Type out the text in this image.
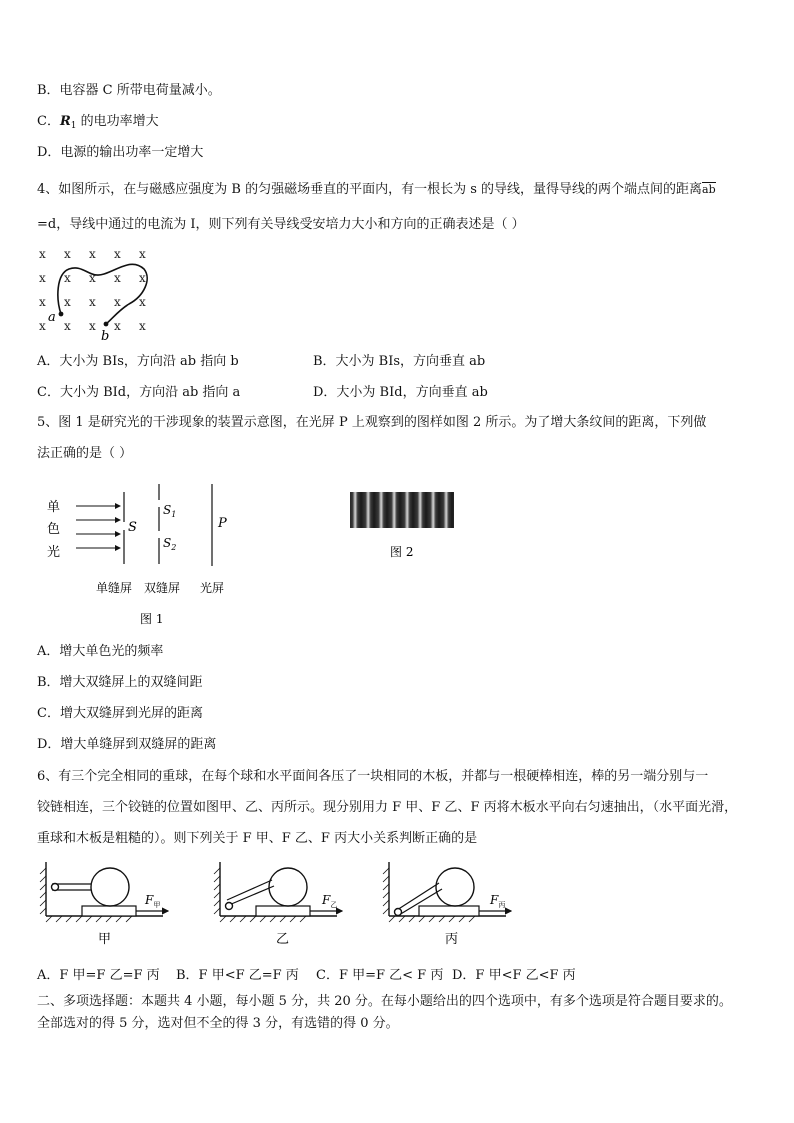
B．电容器 C 所带电荷量减小。
C．$R_1$ 的电功率增大
D．电源的输出功率一定增大
4、如图所示，在与磁感应强度为 B 的匀强磁场垂直的平面内，有一根长为 s 的导线，量得导线的两个端点间的距离ab
=d，导线中通过的电流为 I，则下列有关导线受安培力大小和方向的正确表述是（ ）
x x x x x
x x x x x
x x x x x
x x x x x
a
b
A．大小为 BIs，方向沿 ab 指向 b	B．大小为 BIs，方向垂直 ab
C．大小为 BId，方向沿 ab 指向 a	D．大小为 BId，方向垂直 ab
5、图 1 是研究光的干涉现象的装置示意图，在光屏 P 上观察到的图样如图 2 所示。为了增大条纹间的距离，下列做
法正确的是（ ）
单
色
光
S
$S_1$
$S_2$
P
单缝屏 双缝屏 光屏
图 1
图 2
A．增大单色光的频率
B．增大双缝屏上的双缝间距
C．增大双缝屏到光屏的距离
D．增大单缝屏到双缝屏的距离
6、有三个完全相同的重球，在每个球和水平面间各压了一块相同的木板，并都与一根硬棒相连，棒的另一端分别与一
铰链相连，三个铰链的位置如图甲、乙、丙所示。现分别用力 F 甲、F 乙、F 丙将木板水平向右匀速抽出，（水平面光滑，
重球和木板是粗糙的）。则下列关于 F 甲、F 乙、F 丙大小关系判断正确的是
$F_甲$
甲
$F_乙$
乙
$F_丙$
丙
A．F 甲=F 乙=F 丙 B．F 甲<F 乙=F 丙 C．F 甲=F 乙< F 丙 D．F 甲<F 乙<F 丙
二、多项选择题：本题共 4 小题，每小题 5 分，共 20 分。在每小题给出的四个选项中，有多个选项是符合题目要求的。
全部选对的得 5 分，选对但不全的得 3 分，有选错的得 0 分。
